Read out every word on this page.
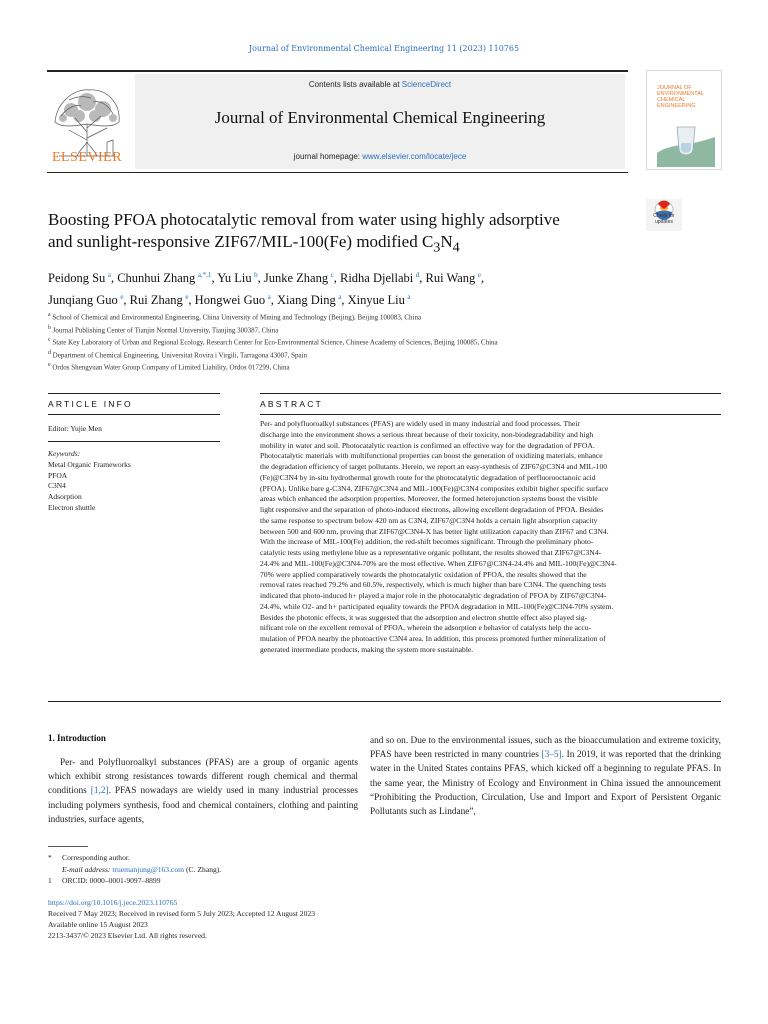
Journal of Environmental Chemical Engineering 11 (2023) 110765
ELSEVIER
Contents lists available at ScienceDirect
Journal of Environmental Chemical Engineering
journal homepage: www.elsevier.com/locate/jece
JOURNAL OF
ENVIRONMENTAL
CHEMICAL
ENGINEERING
Check for
updates
Boosting PFOA photocatalytic removal from water using highly adsorptive
and sunlight-responsive ZIF67/MIL-100(Fe) modified $C_3N_4$
Peidong Su  $^a$, Chunhui Zhang  $^{a,*,1}$, Yu Liu  $^b$, Junke Zhang  $^c$, Ridha Djellabi  $^d$, Rui Wang  $^e$,
Junqiang Guo  $^e$, Rui Zhang  $^e$, Hongwei Guo  $^a$, Xiang Ding  $^a$, Xinyue Liu  $^a$
$^a$ School of Chemical and Environmental Engineering, China University of Mining and Technology (Beijing), Beijing 100083, China
$^b$ Journal Publishing Center of Tianjin Normal University, Tianjing 300387, China
$^c$ State Key Laboratory of Urban and Regional Ecology, Research Center for Eco-Environmental Science, Chinese Academy of Sciences, Beijing 100085, China
$^d$ Department of Chemical Engineering, Universitat Rovira i Virgili, Tarragona 43007, Spain
$^e$ Ordos Shengyuan Water Group Company of Limited Liability, Ordos 017299, China
ARTICLE INFO
Editor: Yujie Men
Keywords:
Metal Organic Frameworks
PFOA
C3N4
Adsorption
Electron shuttle
ABSTRACT
Per- and polyfluoroalkyl substances (PFAS) are widely used in many industrial and food processes. Their
discharge into the environment shows a serious threat because of their toxicity, non-biodegradability and high
mobility in water and soil. Photocatalytic reaction is confirmed an effective way for the degradation of PFOA.
Photocatalytic materials with multifunctional properties can boost the generation of oxidizing materials, enhance
the degradation efficiency of target pollutants. Herein, we report an easy-synthesis of ZIF67@C3N4 and MIL-100
(Fe)@C3N4 by in-situ hydrothermal growth route for the photocatalytic degradation of perfluorooctanoic acid
(PFOA). Unlike bare g-C3N4, ZIF67@C3N4 and MIL-100(Fe)@C3N4 composites exhibit higher specific surface
areas which enhanced the adsorption properties. Moreover, the formed heterojunction systems boost the visible
light responsive and the separation of photo-induced electrons, allowing excellent degradation of PFOA. Besides
the same response to spectrum below 420 nm as C3N4, ZIF67@C3N4 holds a certain light absorption capacity
between 500 and 600 nm, proving that ZIF67@C3N4-X has better light utilization capacity than ZIF67 and C3N4.
With the increase of MIL-100(Fe) addition, the red-shift becomes significant. Through the preliminary photo-
catalytic tests using methylene blue as a representative organic pollutant, the results showed that ZIF67@C3N4-
24.4% and MIL-100(Fe)@C3N4-70% are the most effective. When ZIF67@C3N4-24.4% and MIL-100(Fe)@C3N4-
70% were applied comparatively towards the photocatalytic oxidation of PFOA, the results showed that the
removal rates reached 79.2% and 60.5%, respectively, which is much higher than bare C3N4. The quenching tests
indicated that photo-induced h+ played a major role in the photocatalytic degradation of PFOA by ZIF67@C3N4-
24.4%, while O2- and h+ participated equality towards the PFOA degradation in MIL-100(Fe)@C3N4-70% system.
Besides the photonic effects, it was suggested that the adsorption and electron shuttle effect also played sig-
nificant role on the excellent removal of PFOA, wherein the adsorption e behavior of catalysts help the accu-
mulation of PFOA nearby the photoactive C3N4 area. In addition, this process promoted further mineralization of
generated intermediate products, making the system more sustainable.
1. Introduction
Per- and Polyfluoroalkyl substances (PFAS) are a group of organic agents which exhibit strong resistances towards different rough chemical and thermal conditions [1,2]. PFAS nowadays are wieldy used in many industrial processes including polymers synthesis, food and chemical containers, clothing and painting industries, surface agents,
and so on. Due to the environmental issues, such as the bioaccumulation and extreme toxicity, PFAS have been restricted in many countries [3–5]. In 2019, it was reported that the drinking water in the United States contains PFAS, which kicked off a beginning to regulate PFAS. In the same year, the Ministry of Ecology and Environment in China issued the announcement “Prohibiting the Production, Circulation, Use and Import and Export of Persistent Organic Pollutants such as Lindane”,
* Corresponding author.
E-mail address: truemanjung@163.com (C. Zhang).
1 ORCID: 0000–0001-9097–8899
https://doi.org/10.1016/j.jece.2023.110765
Received 7 May 2023; Received in revised form 5 July 2023; Accepted 12 August 2023
Available online 15 August 2023
2213-3437/© 2023 Elsevier Ltd. All rights reserved.
